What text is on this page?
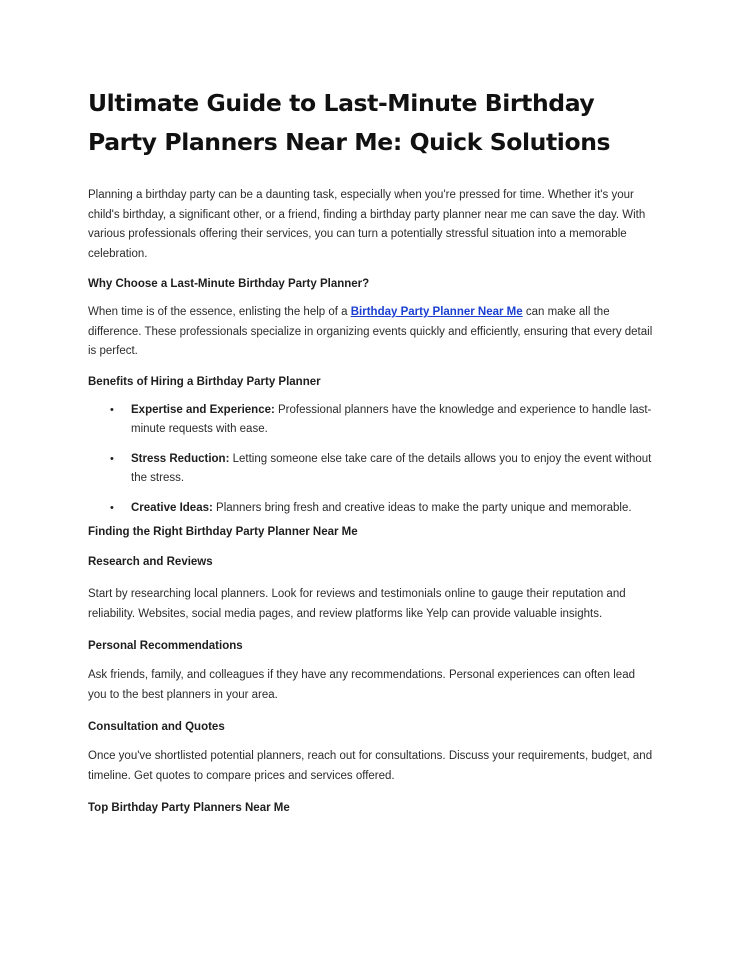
Ultimate Guide to Last-Minute Birthday Party Planners Near Me: Quick Solutions

Planning a birthday party can be a daunting task, especially when you're pressed for time. Whether it's your child's birthday, a significant other, or a friend, finding a birthday party planner near me can save the day. With various professionals offering their services, you can turn a potentially stressful situation into a memorable celebration.

Why Choose a Last-Minute Birthday Party Planner?

When time is of the essence, enlisting the help of a Birthday Party Planner Near Me can make all the difference. These professionals specialize in organizing events quickly and efficiently, ensuring that every detail is perfect.

Benefits of Hiring a Birthday Party Planner
• Expertise and Experience: Professional planners have the knowledge and experience to handle last-minute requests with ease.
• Stress Reduction: Letting someone else take care of the details allows you to enjoy the event without the stress.
• Creative Ideas: Planners bring fresh and creative ideas to make the party unique and memorable.
Finding the Right Birthday Party Planner Near Me
Research and Reviews

Start by researching local planners. Look for reviews and testimonials online to gauge their reputation and reliability. Websites, social media pages, and review platforms like Yelp can provide valuable insights.

Personal Recommendations

Ask friends, family, and colleagues if they have any recommendations. Personal experiences can often lead you to the best planners in your area.

Consultation and Quotes

Once you've shortlisted potential planners, reach out for consultations. Discuss your requirements, budget, and timeline. Get quotes to compare prices and services offered.

Top Birthday Party Planners Near Me
